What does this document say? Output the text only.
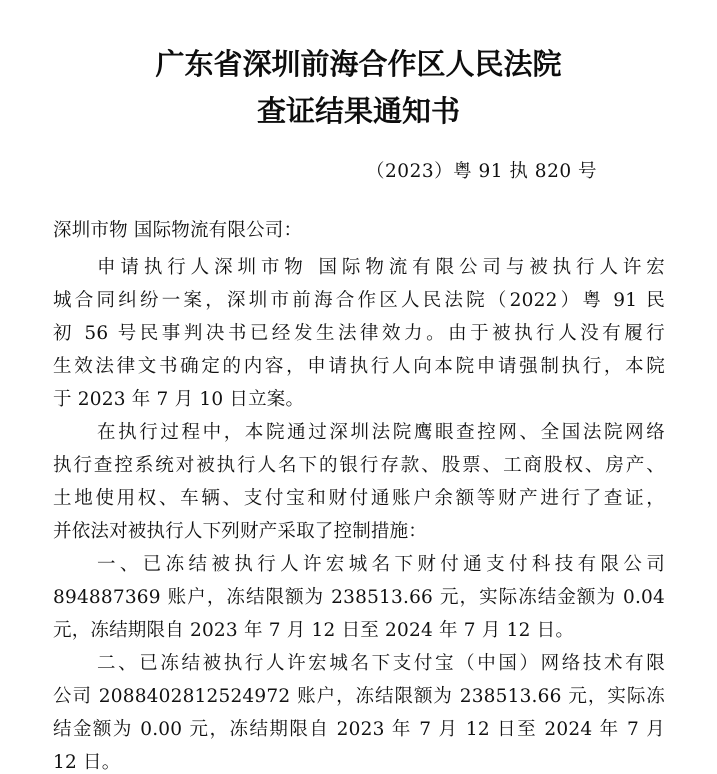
广东省深圳前海合作区人民法院
查证结果通知书
（2023）粤 91 执 820 号
深圳市物 国际物流有限公司：
申请执行人深圳市物 国际物流有限公司与被执行人许宏
城合同纠纷一案，深圳市前海合作区人民法院（2022）粤 91 民
初 56 号民事判决书已经发生法律效力。由于被执行人没有履行
生效法律文书确定的内容，申请执行人向本院申请强制执行，本院
于 2023 年 7 月 10 日立案。
在执行过程中，本院通过深圳法院鹰眼查控网、全国法院网络
执行查控系统对被执行人名下的银行存款、股票、工商股权、房产、
土地使用权、车辆、支付宝和财付通账户余额等财产进行了查证，
并依法对被执行人下列财产采取了控制措施：
一、已冻结被执行人许宏城名下财付通支付科技有限公司
894887369 账户，冻结限额为 238513.66 元，实际冻结金额为 0.04
元，冻结期限自 2023 年 7 月 12 日至 2024 年 7 月 12 日。
二、已冻结被执行人许宏城名下支付宝（中国）网络技术有限
公司 2088402812524972 账户，冻结限额为 238513.66 元，实际冻
结金额为 0.00 元，冻结期限自 2023 年 7 月 12 日至 2024 年 7 月
12 日。
